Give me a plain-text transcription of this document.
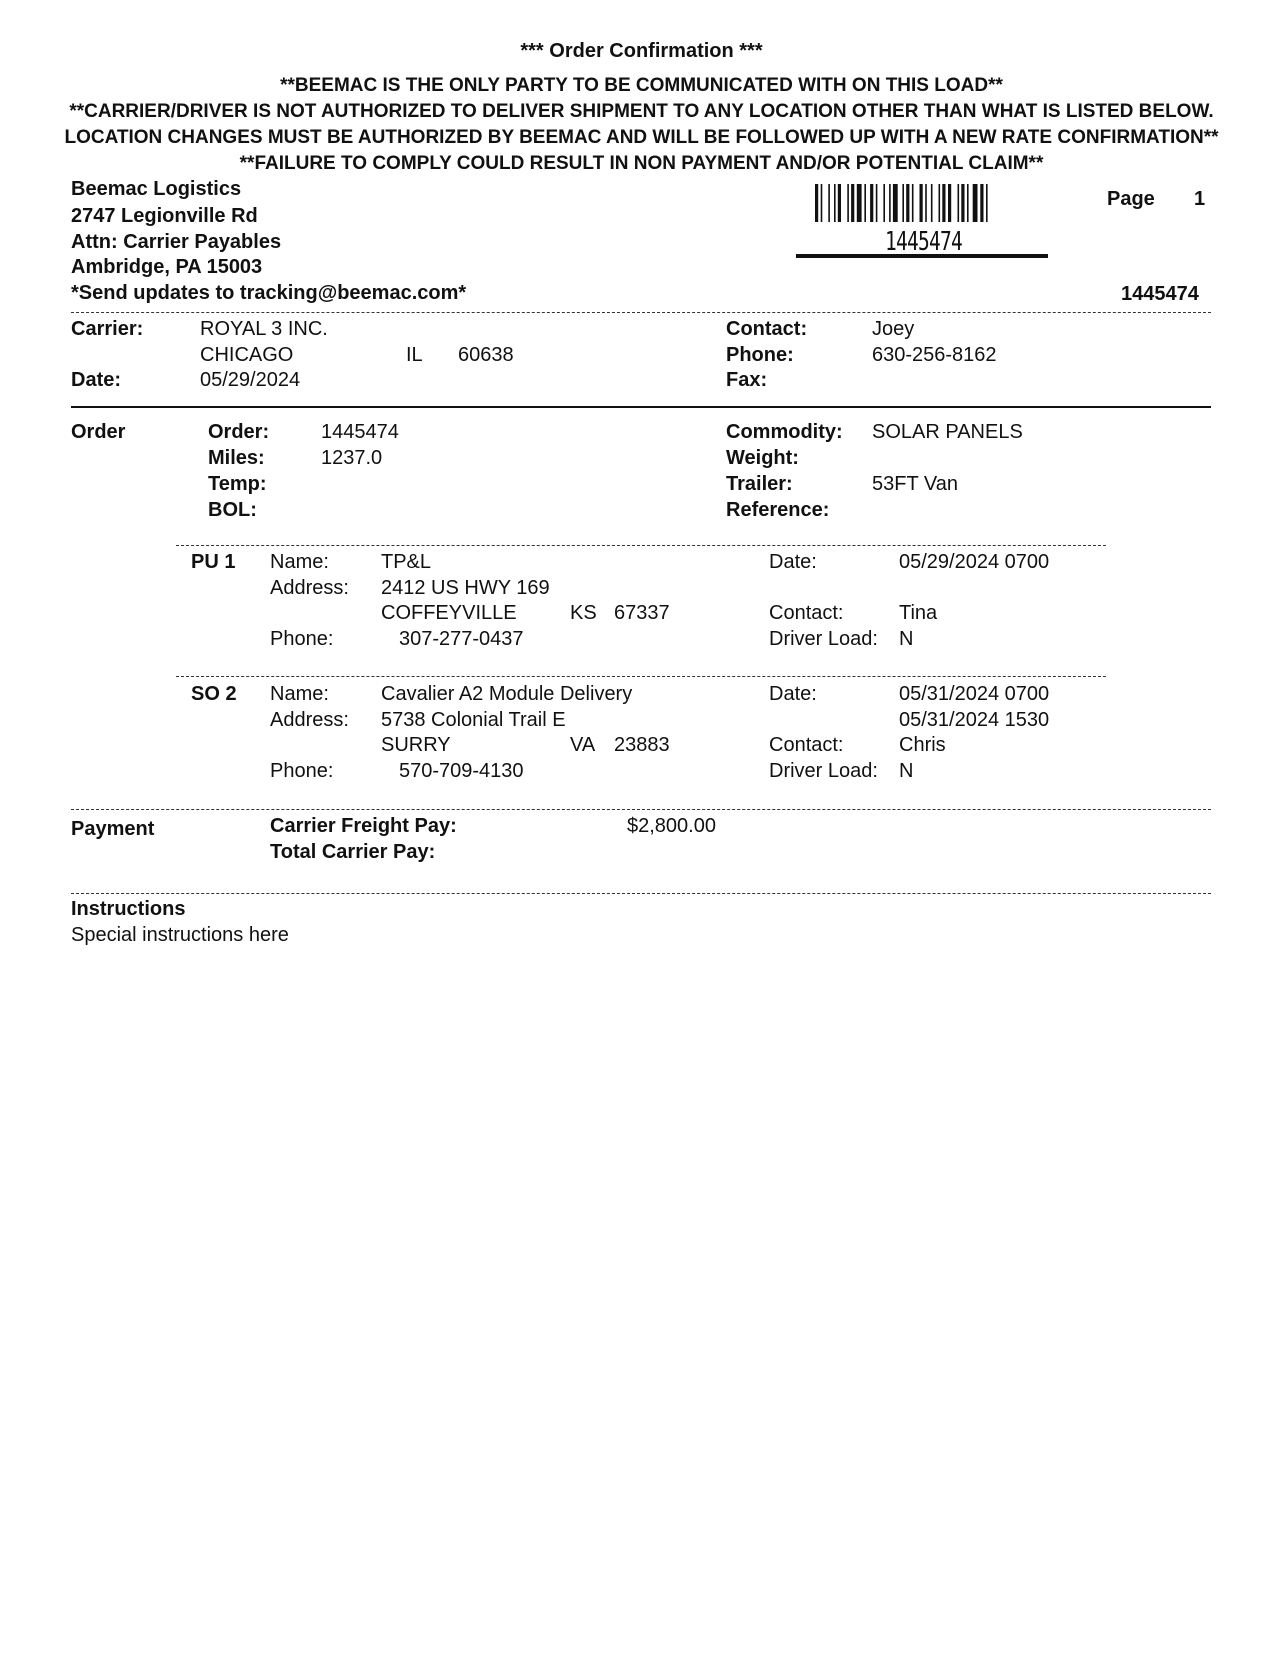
*** Order Confirmation ***
**BEEMAC IS THE ONLY PARTY TO BE COMMUNICATED WITH ON THIS LOAD**
**CARRIER/DRIVER IS NOT AUTHORIZED TO DELIVER SHIPMENT TO ANY LOCATION OTHER THAN WHAT IS LISTED BELOW.
LOCATION CHANGES MUST BE AUTHORIZED BY BEEMAC AND WILL BE FOLLOWED UP WITH A NEW RATE CONFIRMATION**
**FAILURE TO COMPLY COULD RESULT IN NON PAYMENT AND/OR POTENTIAL CLAIM**
Beemac Logistics
2747 Legionville Rd
Attn: Carrier Payables
Ambridge, PA 15003
*Send updates to tracking@beemac.com*
1445474
Page 1
1445474
Carrier:	ROYAL 3 INC.
CHICAGO	IL 60638
Date:	05/29/2024
Contact:	Joey
Phone:	630-256-8162
Fax:
Order	Order:	1445474
Miles:	1237.0
Temp:
BOL:
Commodity: SOLAR PANELS
Weight:
Trailer:	53FT Van
Reference:
PU 1 Name:	TP&L
Address: 2412 US HWY 169
COFFEYVILLE	KS 67337
Phone:	307-277-0437
Date:	05/29/2024 0700
Contact:	Tina
Driver Load: N
SO 2 Name:	Cavalier A2 Module Delivery
Address: 5738 Colonial Trail E
SURRY	VA 23883
Phone:	570-709-4130
Date:	05/31/2024 0700
05/31/2024 1530
Contact:	Chris
Driver Load: N
Payment	Carrier Freight Pay:	$2,800.00
Total Carrier Pay:
Instructions
Special instructions here
